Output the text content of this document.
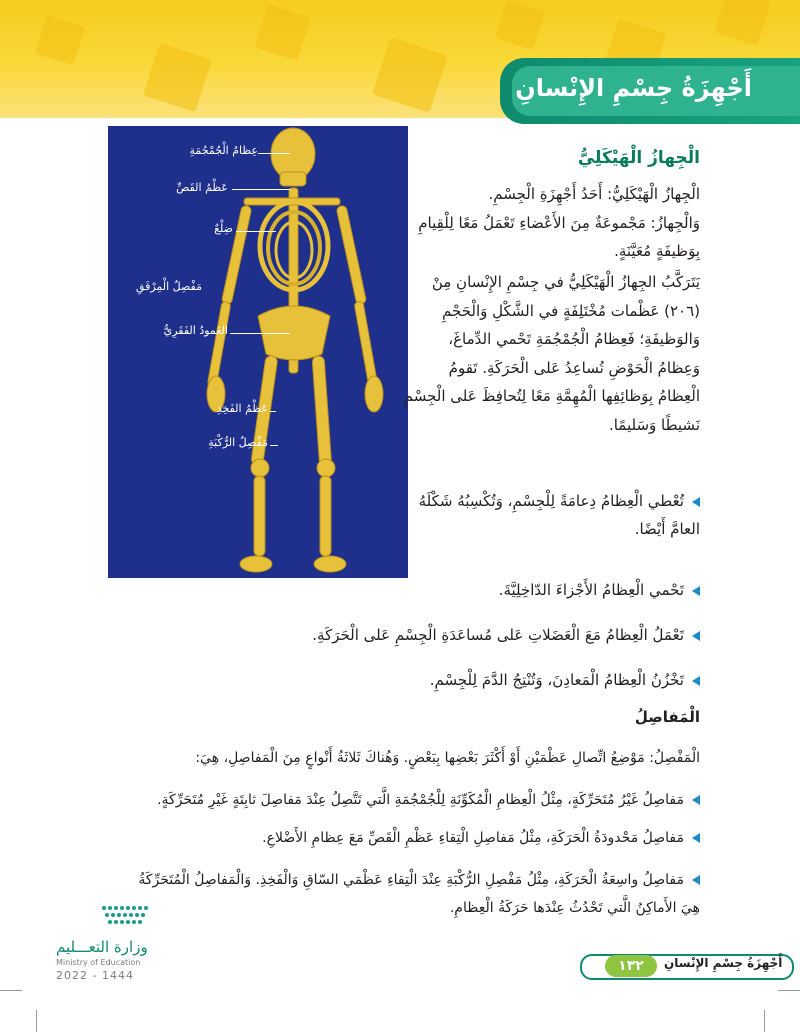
أَجْهِزَةُ جِسْمِ الإِنْسانِ
عِظامُ الْجُمْجُمَةِ
عَظْمُ القَصِّ
ضِلْعٌ
مَفْصِلُ الْمِرْفَقِ
العَمودُ الفَقَرِيُّ
عَظْمُ الفَخِذِ
مَفْصِلُ الرُّكْبَةِ
الْجِهازُ الْهَيْكَلِيُّ
الْجِهازُ الْهَيْكَلِيُّ: أَحَدُ أَجْهِزَةِ الْجِسْمِ.
وَالْجِهازُ: مَجْموعَةٌ مِنَ الأَعْضاءِ تَعْمَلُ مَعًا لِلْقِيامِ
بِوَظيفَةٍ مُعَيَّنَةٍ.
يَتَرَكَّبُ الجِهازُ الْهَيْكَلِيُّ في جِسْمِ الإِنْسانِ مِنْ
(٢٠٦) عَظْمات مُخْتَلِفَةٍ في الشَّكْلِ وَالْحَجْمِ
وَالوَظيفَةِ؛ فَعِظامُ الْجُمْجُمَةِ تَحْمي الدِّماغَ،
وَعِظامُ الْحَوْضِ تُساعِدُ عَلى الْحَرَكَةِ. تَقومُ
الْعِظامُ بِوَظائِفِها الْمُهِمَّةِ مَعًا لِتُحافِظَ عَلى الْجِسْمِ
نَشيطًا وَسَليمًا.
تُعْطي الْعِظامُ دِعامَةً لِلْجِسْمِ، وَتُكْسِبُهُ شَكْلَهُ
العامَّ أَيْضًا.
تَحْمي الْعِظامُ الأَجْزاءَ الدّاخِلِيَّةَ.
تَعْمَلُ الْعِظامُ مَعَ الْعَضَلاتِ عَلى مُساعَدَةِ الْجِسْمِ عَلى الْحَرَكَةِ.
تَخْزُنُ الْعِظامُ الْمَعادِنَ، وَتُنْتِجُ الدَّمَ لِلْجِسْمِ.
الْمَفاصِلُ
الْمَفْصِلُ: مَوْضِعُ اتِّصالِ عَظْمَيْنِ أَوْ أَكْثَرَ بَعْضِها بِبَعْضٍ. وَهُناكَ ثَلاثَةُ أَنْواعٍ مِنَ الْمَفاصِلِ، هِيَ:
مَفاصِلُ غَيْرُ مُتَحَرِّكَةٍ، مِثْلُ الْعِظامِ الْمُكَوِّنَةِ لِلْجُمْجُمَةِ الَّتي تَتَّصِلُ عِنْدَ مَفاصِلَ ثابِتَةٍ غَيْرِ مُتَحَرِّكَةٍ.
مَفاصِلُ مَحْدودَةُ الْحَرَكَةِ، مِثْلُ مَفاصِلِ الْتِقاءِ عَظْمِ الْقَصِّ مَعَ عِظامِ الأَضْلاعِ.
مَفاصِلُ واسِعَةُ الْحَرَكَةِ، مِثْلُ مَفْصِلِ الرُّكْبَةِ عِنْدَ الْتِقاءِ عَظْمَي السّاقِ وَالْفَخِذِ. وَالْمَفاصِلُ الْمُتَحَرِّكَةُ
هِيَ الأَماكِنُ الَّتي تَحْدُثُ عِنْدَها حَرَكَةُ الْعِظامِ.
١٣٢	أَجْهِزَةُ جِسْمِ الإِنْسانِ
وزارة التعـــليم
Ministry of Education
2022 - 1444
